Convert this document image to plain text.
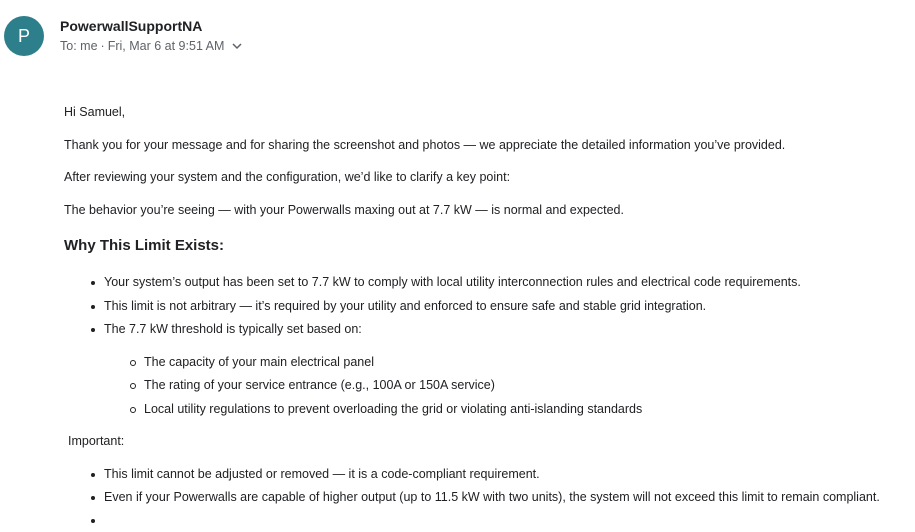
P	PowerwallSupportNA
To: me · Fri, Mar 6 at 9:51 AM

Hi Samuel,

Thank you for your message and for sharing the screenshot and photos — we appreciate the detailed information you’ve provided.

After reviewing your system and the configuration, we’d like to clarify a key point:

The behavior you’re seeing — with your Powerwalls maxing out at 7.7 kW — is normal and expected.

Why This Limit Exists:
Your system’s output has been set to 7.7 kW to comply with local utility interconnection rules and electrical code requirements.
This limit is not arbitrary — it’s required by your utility and enforced to ensure safe and stable grid integration.
The 7.7 kW threshold is typically set based on:
The capacity of your main electrical panel
The rating of your service entrance (e.g., 100A or 150A service)
Local utility regulations to prevent overloading the grid or violating anti-islanding standards

Important:

This limit cannot be adjusted or removed — it is a code-compliant requirement.
Even if your Powerwalls are capable of higher output (up to 11.5 kW with two units), the system will not exceed this limit to remain compliant.
